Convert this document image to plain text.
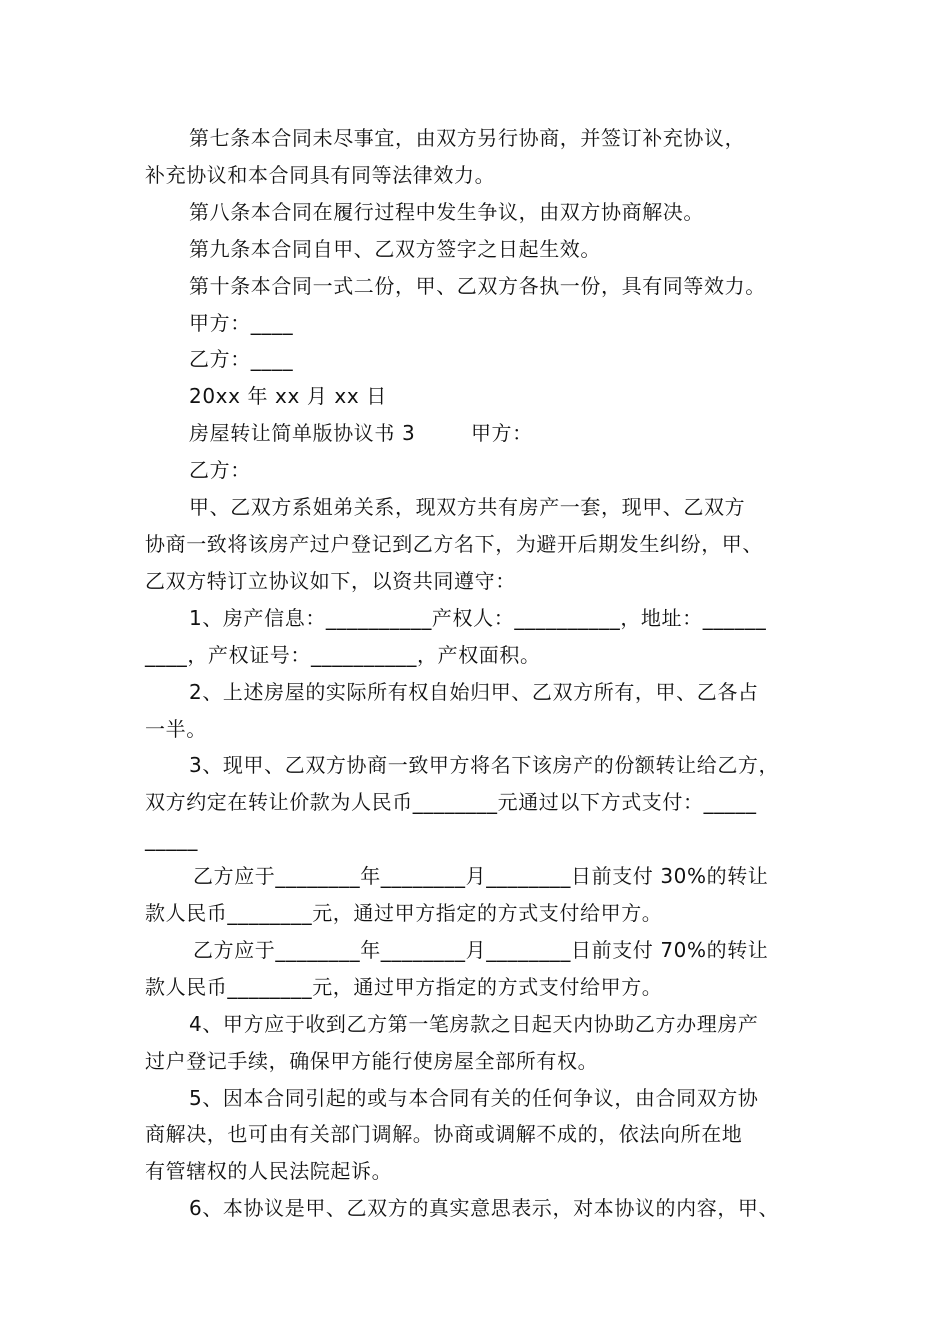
第七条本合同未尽事宜，由双方另行协商，并签订补充协议，
补充协议和本合同具有同等法律效力。
第八条本合同在履行过程中发生争议，由双方协商解决。
第九条本合同自甲、乙双方签字之日起生效。
第十条本合同一式二份，甲、乙双方各执一份，具有同等效力。
甲方：____
乙方：____
20xx 年 xx 月 xx 日
房屋转让简单版协议书 3        甲方：
乙方：
甲、乙双方系姐弟关系，现双方共有房产一套，现甲、乙双方
协商一致将该房产过户登记到乙方名下，为避开后期发生纠纷，甲、
乙双方特订立协议如下，以资共同遵守：
1、房产信息：__________产权人：__________，地址：______
____，产权证号：__________，产权面积。
2、上述房屋的实际所有权自始归甲、乙双方所有，甲、乙各占
一半。
3、现甲、乙双方协商一致甲方将名下该房产的份额转让给乙方，
双方约定在转让价款为人民币________元通过以下方式支付：_____
_____
乙方应于________年________月________日前支付 30%的转让
款人民币________元，通过甲方指定的方式支付给甲方。
乙方应于________年________月________日前支付 70%的转让
款人民币________元，通过甲方指定的方式支付给甲方。
4、甲方应于收到乙方第一笔房款之日起天内协助乙方办理房产
过户登记手续，确保甲方能行使房屋全部所有权。
5、因本合同引起的或与本合同有关的任何争议，由合同双方协
商解决，也可由有关部门调解。协商或调解不成的，依法向所在地
有管辖权的人民法院起诉。
6、本协议是甲、乙双方的真实意思表示，对本协议的内容，甲、
